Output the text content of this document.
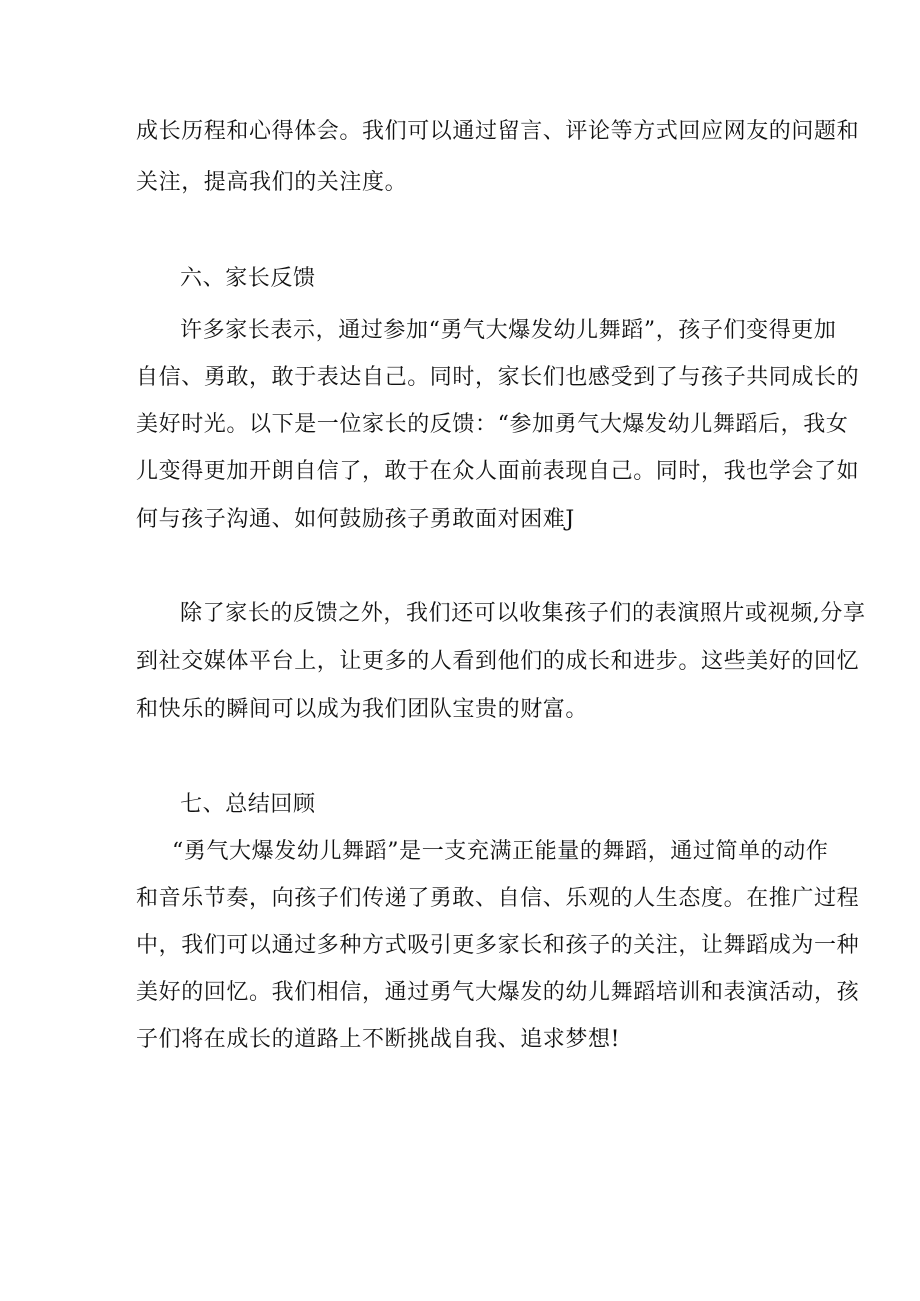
成长历程和心得体会。我们可以通过留言、评论等方式回应网友的问题和
关注，提高我们的关注度。
六、家长反馈
许多家长表示，通过参加“勇气大爆发幼儿舞蹈”，孩子们变得更加
自信、勇敢，敢于表达自己。同时，家长们也感受到了与孩子共同成长的
美好时光。以下是一位家长的反馈：“参加勇气大爆发幼儿舞蹈后，我女
儿变得更加开朗自信了，敢于在众人面前表现自己。同时，我也学会了如
何与孩子沟通、如何鼓励孩子勇敢面对困难J
除了家长的反馈之外，我们还可以收集孩子们的表演照片或视频,分享
到社交媒体平台上，让更多的人看到他们的成长和进步。这些美好的回忆
和快乐的瞬间可以成为我们团队宝贵的财富。
七、总结回顾
“勇气大爆发幼儿舞蹈”是一支充满正能量的舞蹈，通过简单的动作
和音乐节奏，向孩子们传递了勇敢、自信、乐观的人生态度。在推广过程
中，我们可以通过多种方式吸引更多家长和孩子的关注，让舞蹈成为一种
美好的回忆。我们相信，通过勇气大爆发的幼儿舞蹈培训和表演活动，孩
子们将在成长的道路上不断挑战自我、追求梦想!
